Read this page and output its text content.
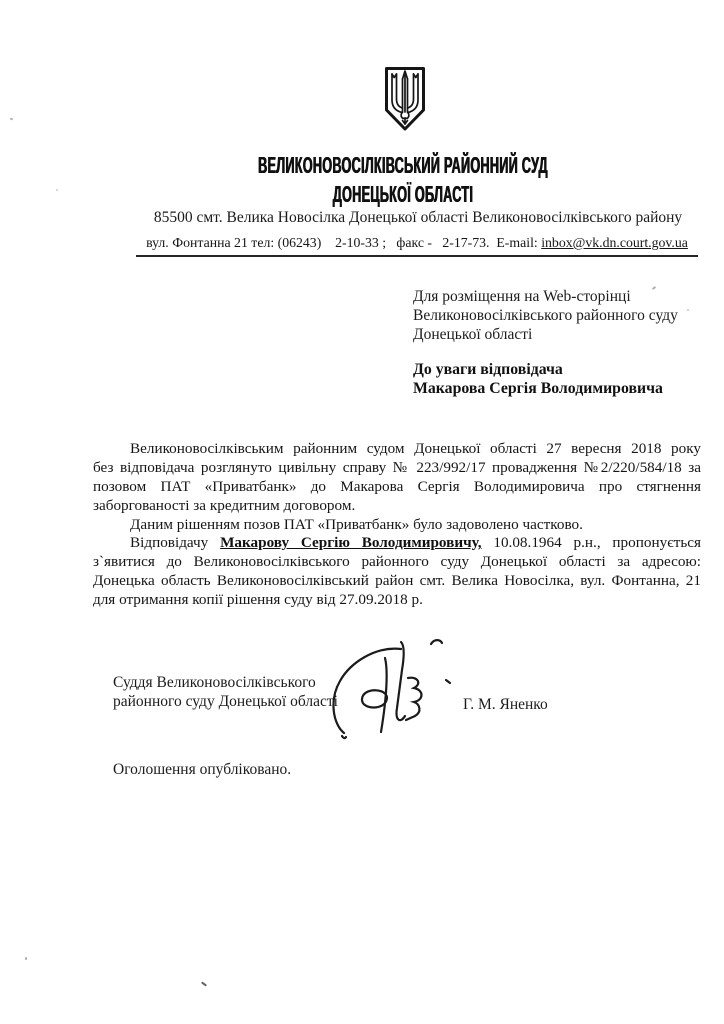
ВЕЛИКОНОВОСІЛКІВСЬКИЙ РАЙОННИЙ СУД
ДОНЕЦЬКОЇ ОБЛАСТІ
85500 смт. Велика Новосілка Донецької області Великоновосілківського району
вул. Фонтанна 21 тел: (06243)    2-10-33 ;   факс -   2-17-73.  E-mail: inbox@vk.dn.court.gov.ua
Для розміщення на Web-сторінці
Великоновосілківського районного суду
Донецької області
До уваги відповідача
Макарова Сергія Володимировича
Великоновосілківським районним судом Донецької області 27 вересня 2018 року
без відповідача розглянуто цивільну справу № 223/992/17 провадження №2/220/584/18 за
позовом ПАТ «Приватбанк» до Макарова Сергія Володимировича про стягнення
заборгованості за кредитним договором.
Даним рішенням позов ПАТ «Приватбанк» було задоволено частково.
Відповідачу Макарову Сергію Володимировичу, 10.08.1964 р.н., пропонується
з`явитися до Великоновосілківського районного суду Донецької області за адресою:
Донецька область Великоновосілківський район смт. Велика Новосілка, вул. Фонтанна, 21
для отримання копії рішення суду від 27.09.2018 р.
Суддя Великоновосілківського
районного суду Донецької області	Г. М. Яненко
Оголошення опубліковано.
